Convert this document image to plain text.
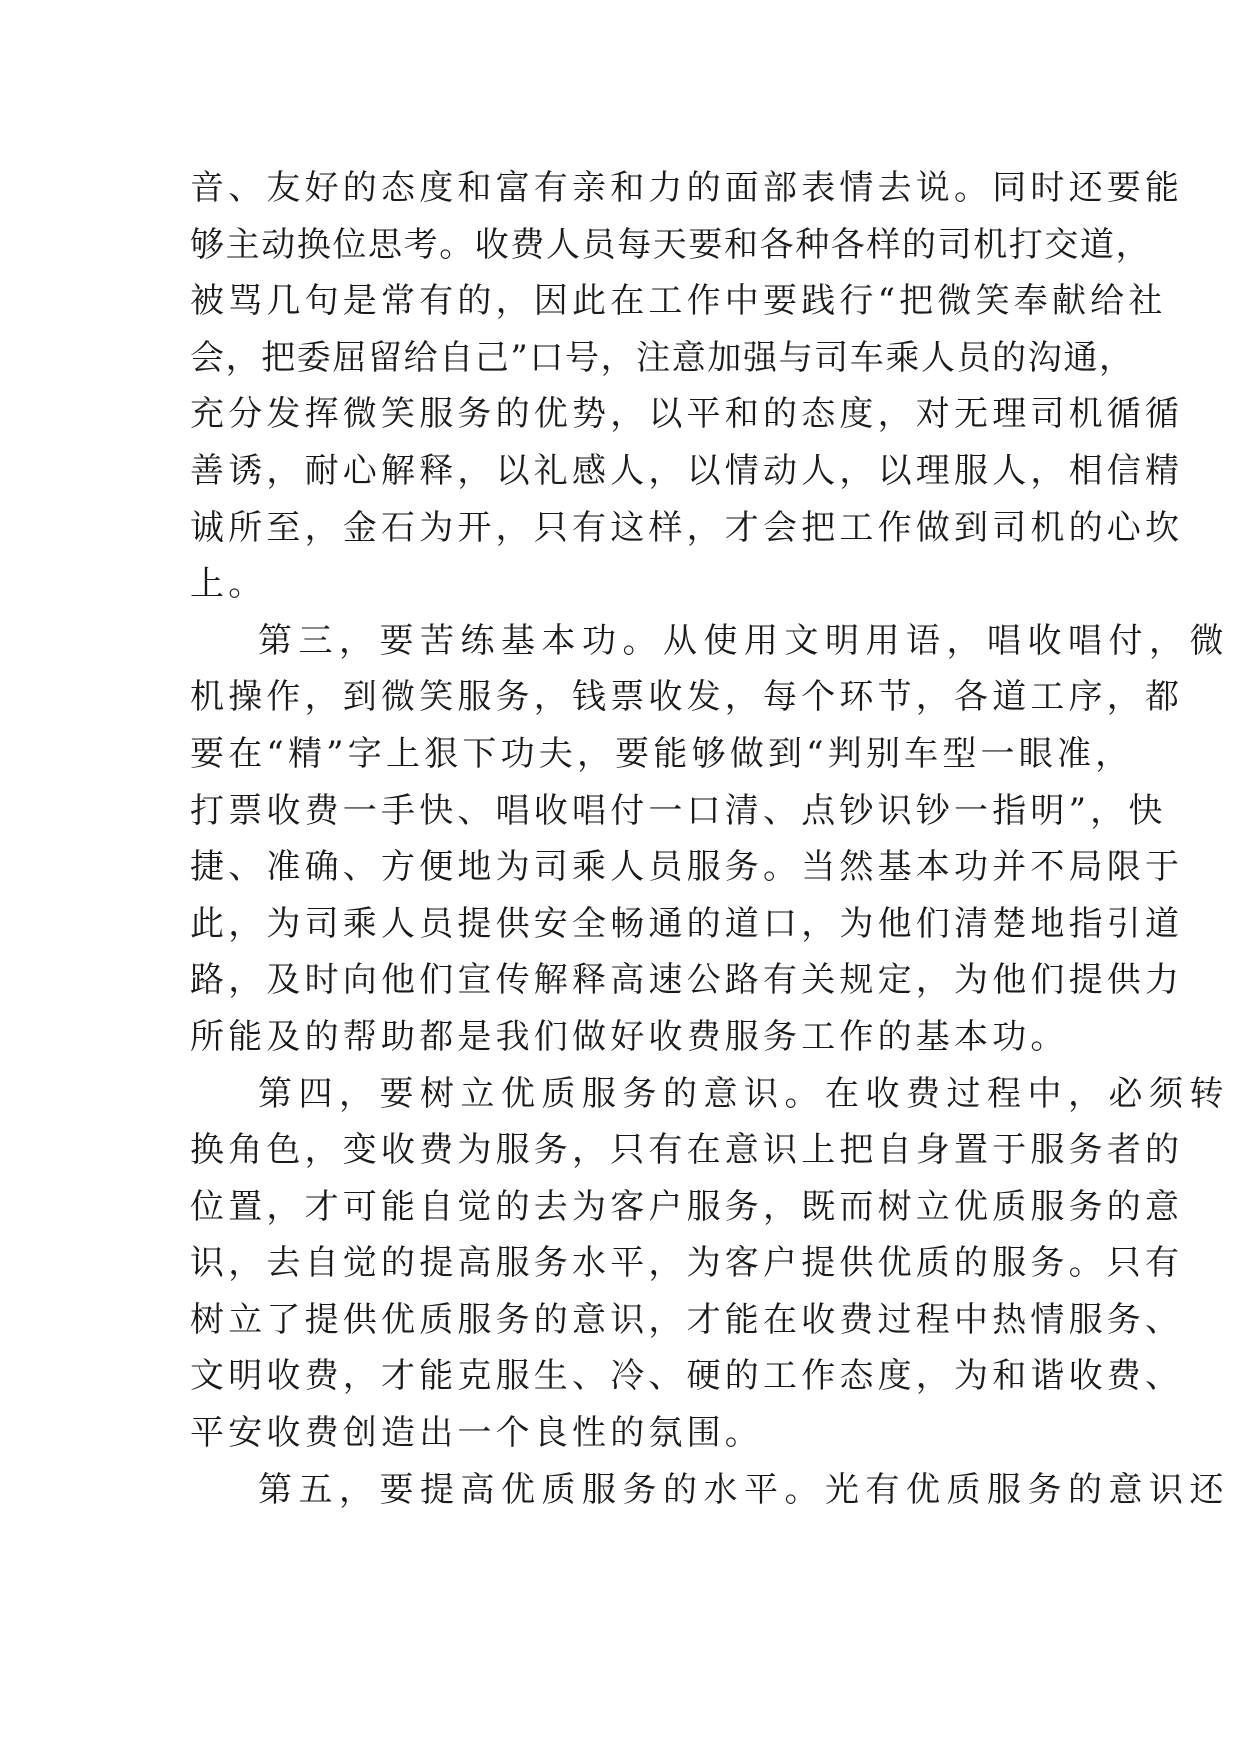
音、友好的态度和富有亲和力的面部表情去说。同时还要能
够主动换位思考。收费人员每天要和各种各样的司机打交道，
被骂几句是常有的，因此在工作中要践行“把微笑奉献给社
会，把委屈留给自己”口号，注意加强与司车乘人员的沟通，
充分发挥微笑服务的优势，以平和的态度，对无理司机循循
善诱，耐心解释，以礼感人，以情动人，以理服人，相信精
诚所至，金石为开，只有这样，才会把工作做到司机的心坎
上。
第三，要苦练基本功。从使用文明用语，唱收唱付，微
机操作，到微笑服务，钱票收发，每个环节，各道工序，都
要在“精”字上狠下功夫，要能够做到“判别车型一眼准，
打票收费一手快、唱收唱付一口清、点钞识钞一指明”，快
捷、准确、方便地为司乘人员服务。当然基本功并不局限于
此，为司乘人员提供安全畅通的道口，为他们清楚地指引道
路，及时向他们宣传解释高速公路有关规定，为他们提供力
所能及的帮助都是我们做好收费服务工作的基本功。
第四，要树立优质服务的意识。在收费过程中，必须转
换角色，变收费为服务，只有在意识上把自身置于服务者的
位置，才可能自觉的去为客户服务，既而树立优质服务的意
识，去自觉的提高服务水平，为客户提供优质的服务。只有
树立了提供优质服务的意识，才能在收费过程中热情服务、
文明收费，才能克服生、冷、硬的工作态度，为和谐收费、
平安收费创造出一个良性的氛围。
第五，要提高优质服务的水平。光有优质服务的意识还
